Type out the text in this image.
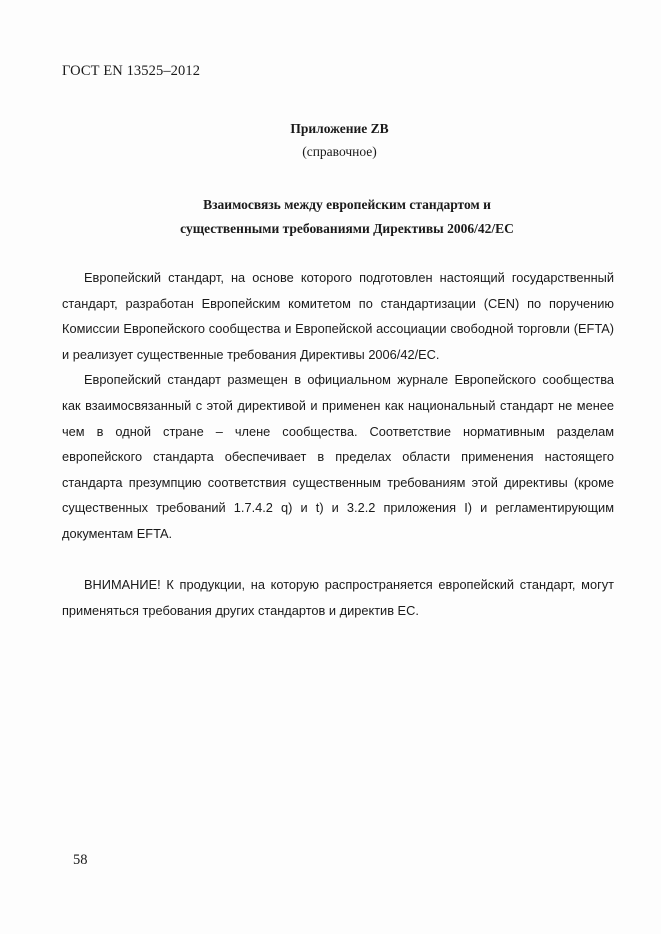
ГОСТ EN 13525–2012
Приложение ZB
(справочное)
Взаимосвязь между европейским стандартом и
существенными требованиями Директивы 2006/42/ЕС

Европейский стандарт, на основе которого подготовлен настоящий государственный стандарт, разработан Европейским комитетом по стандартизации (CEN) по поручению Комиссии Европейского сообщества и Европейской ассоциации свободной торговли (EFTA) и реализует существенные требования Директивы 2006/42/ЕС.

Европейский стандарт размещен в официальном журнале Европейского сообщества как взаимосвязанный с этой директивой и применен как национальный стандарт не менее чем в одной стране – члене сообщества. Соответствие нормативным разделам европейского стандарта обеспечивает в пределах области применения настоящего стандарта презумпцию соответствия существенным требованиям этой директивы (кроме существенных требований 1.7.4.2 q) и t) и 3.2.2 приложения I) и регламентирующим документам EFTA.

ВНИМАНИЕ! К продукции, на которую распространяется европейский стандарт, могут применяться требования других стандартов и директив ЕС.

58
